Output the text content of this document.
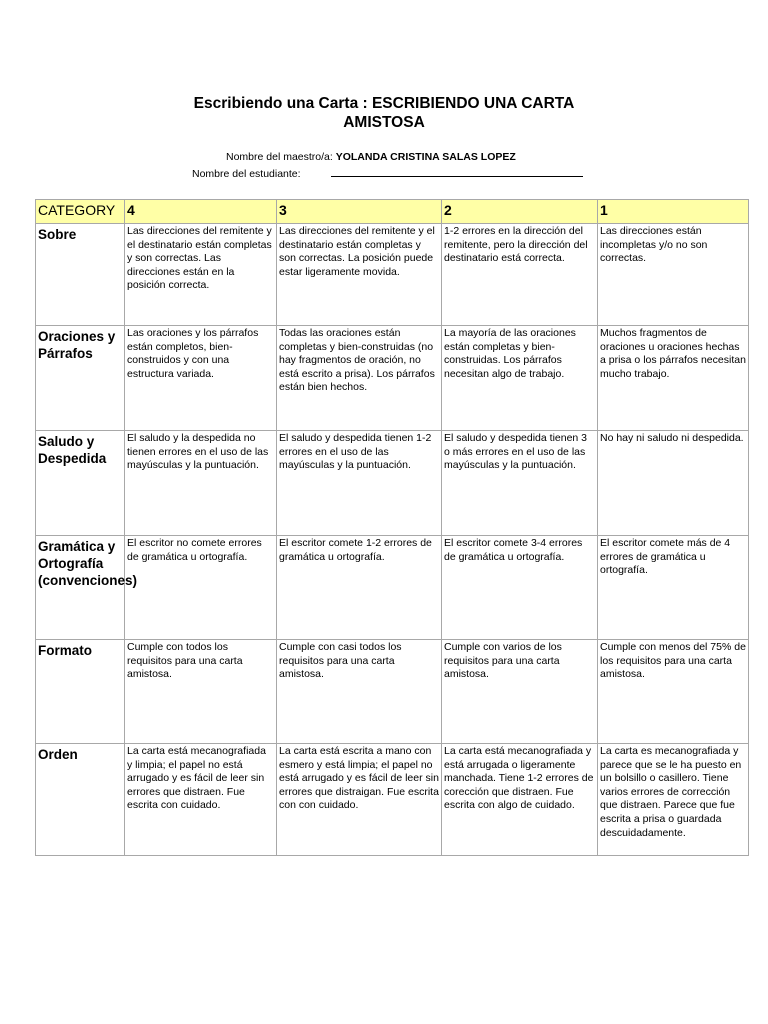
Escribiendo una Carta : ESCRIBIENDO UNA CARTA
AMISTOSA
Nombre del maestro/a: YOLANDA CRISTINA SALAS LOPEZ
Nombre del estudiante:
CATEGORY	4	3	2	1
Sobre	Las direcciones del remitente y el destinatario están completas y son correctas. Las direcciones están en la posición correcta.	Las direcciones del remitente y el destinatario están completas y son correctas. La posición puede estar ligeramente movida.	1-2 errores en la dirección del remitente, pero la dirección del destinatario está correcta.	Las direcciones están incompletas y/o no son correctas.
Oraciones y Párrafos	Las oraciones y los párrafos están completos, bien-construidos y con una estructura variada.	Todas las oraciones están completas y bien-construidas (no hay fragmentos de oración, no está escrito a prisa). Los párrafos están bien hechos.	La mayoría de las oraciones están completas y bien-construidas. Los párrafos necesitan algo de trabajo.	Muchos fragmentos de oraciones u oraciones hechas a prisa o los párrafos necesitan mucho trabajo.
Saludo y Despedida	El saludo y la despedida no tienen errores en el uso de las mayúsculas y la puntuación.	El saludo y despedida tienen 1-2 errores en el uso de las mayúsculas y la puntuación.	El saludo y despedida tienen 3 o más errores en el uso de las mayúsculas y la puntuación.	No hay ni saludo ni despedida.
Gramática y Ortografía (convenciones)	El escritor no comete errores de gramática u ortografía.	El escritor comete 1-2 errores de gramática u ortografía.	El escritor comete 3-4 errores de gramática u ortografía.	El escritor comete más de 4 errores de gramática u ortografía.
Formato	Cumple con todos los requisitos para una carta amistosa.	Cumple con casi todos los requisitos para una carta amistosa.	Cumple con varios de los requisitos para una carta amistosa.	Cumple con menos del 75% de los requisitos para una carta amistosa.
Orden	La carta está mecanografiada y limpia; el papel no está arrugado y es fácil de leer sin errores que distraen. Fue escrita con cuidado.	La carta está escrita a mano con esmero y está limpia; el papel no está arrugado y es fácil de leer sin errores que distraigan. Fue escrita con con cuidado.	La carta está mecanografiada y está arrugada o ligeramente manchada. Tiene 1-2 errores de corección que distraen. Fue escrita con algo de cuidado.	La carta es mecanografiada y parece que se le ha puesto en un bolsillo o casillero. Tiene varios errores de corrección que distraen. Parece que fue escrita a prisa o guardada descuidadamente.
